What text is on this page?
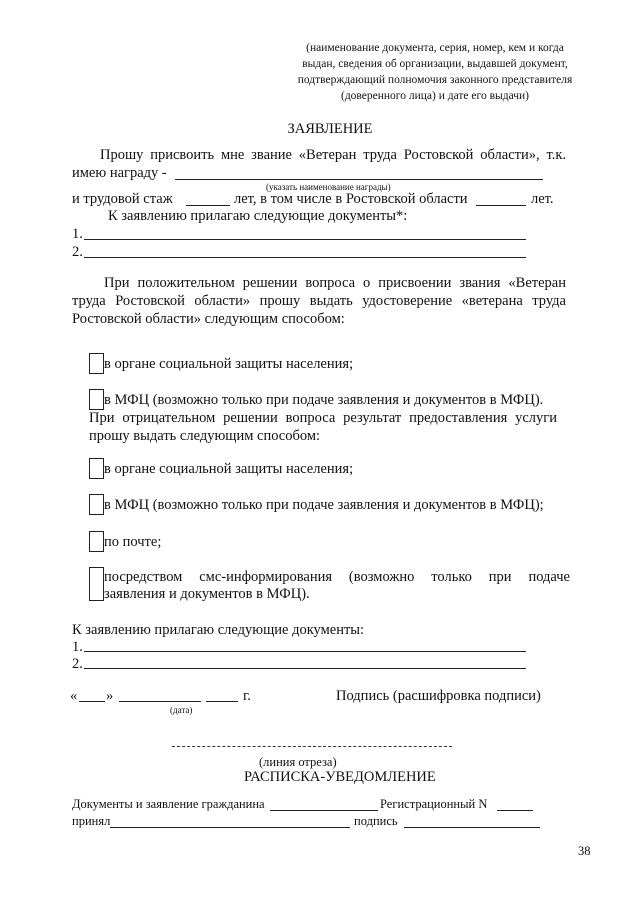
(наименование документа, серия, номер, кем и когда
выдан, сведения об организации, выдавшей документ,
подтверждающий полномочия законного представителя
(доверенного лица) и дате его выдачи)
ЗАЯВЛЕНИЕ
Прошу присвоить мне звание «Ветеран труда Ростовской области», т.к.
имею награду -
(указать наименование награды)
и трудовой стаж	лет, в том числе в Ростовской области	лет.
К заявлению прилагаю следующие документы*:
1.
2.
При положительном решении вопроса о присвоении звания «Ветеран
труда Ростовской области» прошу выдать удостоверение «ветерана труда
Ростовской области» следующим способом:
в органе социальной защиты населения;
в МФЦ (возможно только при подаче заявления и документов в МФЦ).
При отрицательном решении вопроса результат предоставления услуги
прошу выдать следующим способом:
в органе социальной защиты населения;
в МФЦ (возможно только при подаче заявления и документов в МФЦ);
по почте;
посредством смс-информирования (возможно только при подаче
заявления и документов в МФЦ).
К заявлению прилагаю следующие документы:
1.
2.
« »	г.
(дата)
Подпись (расшифровка подписи)
(линия отреза)
РАСПИСКА-УВЕДОМЛЕНИЕ
Документы и заявление гражданина	Регистрационный N
принял	подпись
38
